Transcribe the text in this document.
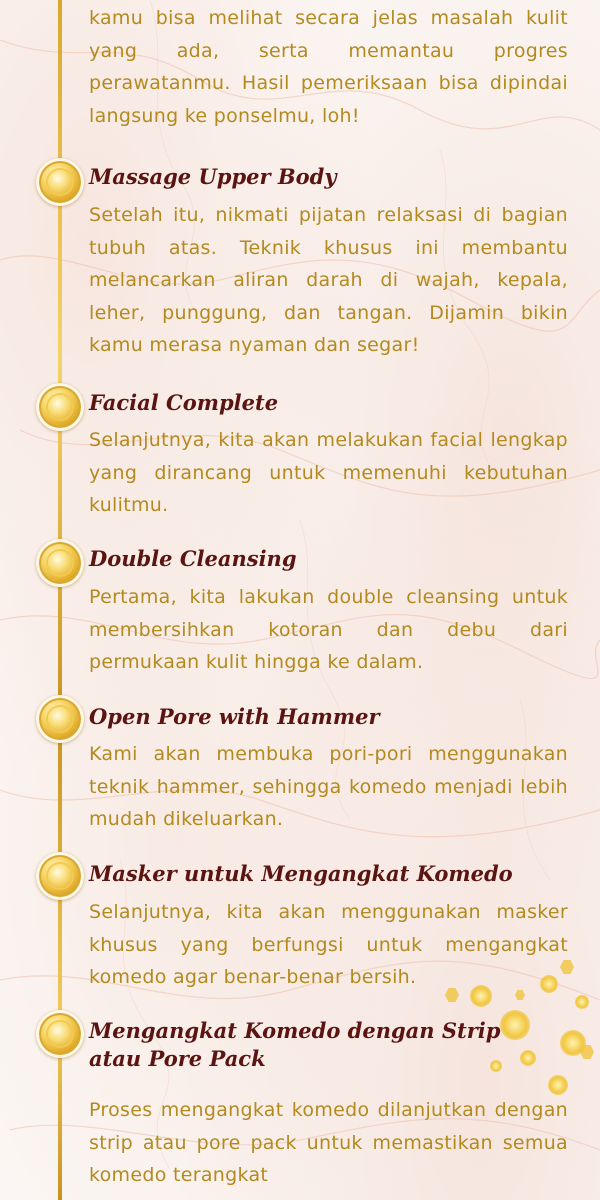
kamu bisa melihat secara jelas masalah kulit yang ada, serta memantau progres perawatanmu. Hasil pemeriksaan bisa dipindai langsung ke ponselmu, loh!
Massage Upper Body
Setelah itu, nikmati pijatan relaksasi di bagian tubuh atas. Teknik khusus ini membantu melancarkan aliran darah di wajah, kepala, leher, punggung, dan tangan. Dijamin bikin kamu merasa nyaman dan segar!
Facial Complete
Selanjutnya, kita akan melakukan facial lengkap yang dirancang untuk memenuhi kebutuhan kulitmu.
Double Cleansing
Pertama, kita lakukan double cleansing untuk membersihkan kotoran dan debu dari permukaan kulit hingga ke dalam.
Open Pore with Hammer
Kami akan membuka pori-pori menggunakan teknik hammer, sehingga komedo menjadi lebih mudah dikeluarkan.
Masker untuk Mengangkat Komedo
Selanjutnya, kita akan menggunakan masker khusus yang berfungsi untuk mengangkat komedo agar benar-benar bersih.
Mengangkat Komedo dengan Strip
atau Pore Pack
Proses mengangkat komedo dilanjutkan dengan strip atau pore pack untuk memastikan semua komedo terangkat
